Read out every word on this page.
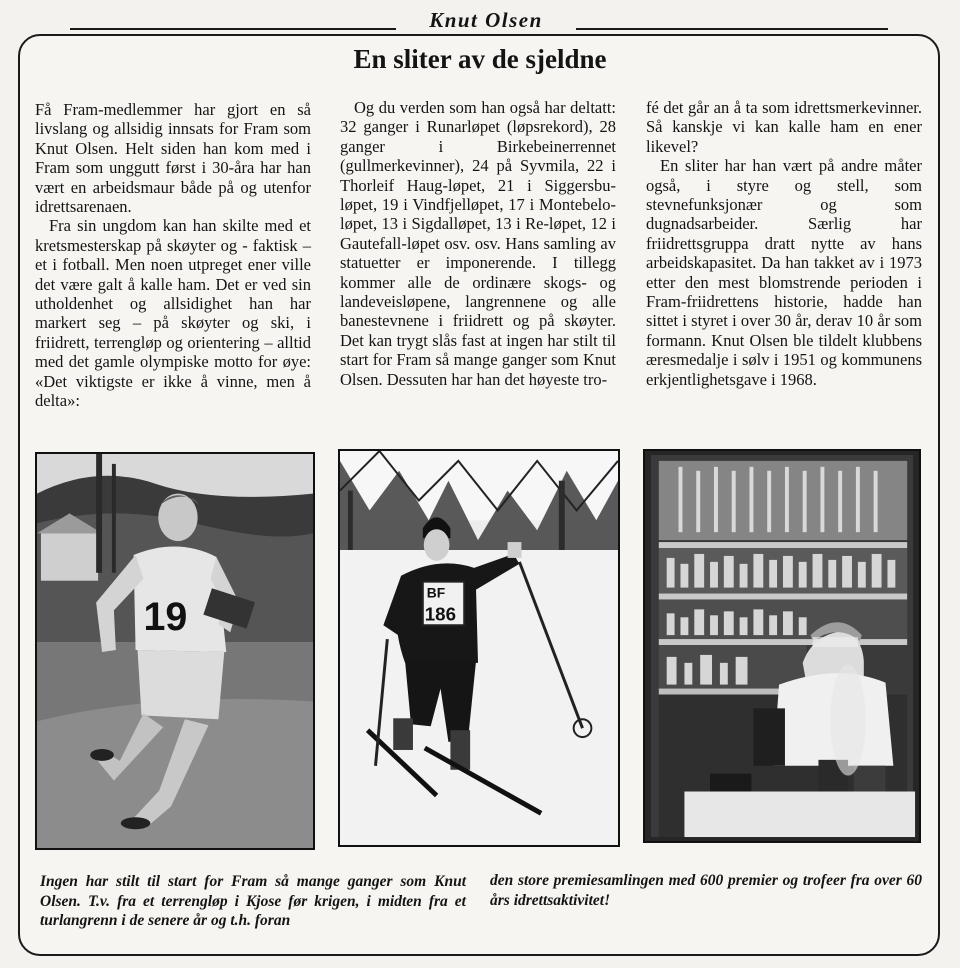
Knut Olsen
En sliter av de sjeldne

Få Fram-medlemmer har gjort en så livslang og allsidig innsats for Fram som Knut Olsen. Helt siden han kom med i Fram som unggutt først i 30-åra har han vært en arbeidsmaur både på og utenfor idrettsarenaen.

Fra sin ungdom kan han skilte med et kretsmesterskap på skøyter og - faktisk – et i fotball. Men noen utpreget ener ville det være galt å kalle ham. Det er ved sin utholdenhet og allsidighet han har markert seg – på skøyter og ski, i friidrett, terrengløp og orientering – alltid med det gamle olympiske motto for øye: «Det viktigste er ikke å vinne, men å delta»:

Og du verden som han også har deltatt: 32 ganger i Runarløpet (løpsrekord), 28 ganger i Birkebeinerrennet (gullmerkevinner), 24 på Syvmila, 22 i Thorleif Haug-løpet, 21 i Siggersbu-løpet, 19 i Vindfjelløpet, 17 i Montebelo-løpet, 13 i Sigdalløpet, 13 i Re-løpet, 12 i Gautefall-løpet osv. osv. Hans samling av statuetter er imponerende. I tillegg kommer alle de ordinære skogs- og landeveisløpene, langrennene og alle banestevnene i friidrett og på skøyter. Det kan trygt slås fast at ingen har stilt til start for Fram så mange ganger som Knut Olsen. Dessuten har han det høyeste tro-

fé det går an å ta som idrettsmerkevinner. Så kanskje vi kan kalle ham en ener likevel?

En sliter har han vært på andre måter også, i styre og stell, som stevnefunksjonær og som dugnadsarbeider. Særlig har friidrettsgruppa dratt nytte av hans arbeidskapasitet. Da han takket av i 1973 etter den mest blomstrende perioden i Fram-friidrettens historie, hadde han sittet i styret i over 30 år, derav 10 år som formann. Knut Olsen ble tildelt klubbens æresmedalje i sølv i 1951 og kommunens erkjentlighetsgave i 1968.

19
BF
186
Ingen har stilt til start for Fram så mange ganger som Knut Olsen. T.v. fra et terrengløp i Kjose før krigen, i midten fra et turlangrenn i de senere år og t.h. foran
den store premiesamlingen med 600 premier og trofeer fra over 60 års idrettsaktivitet!
